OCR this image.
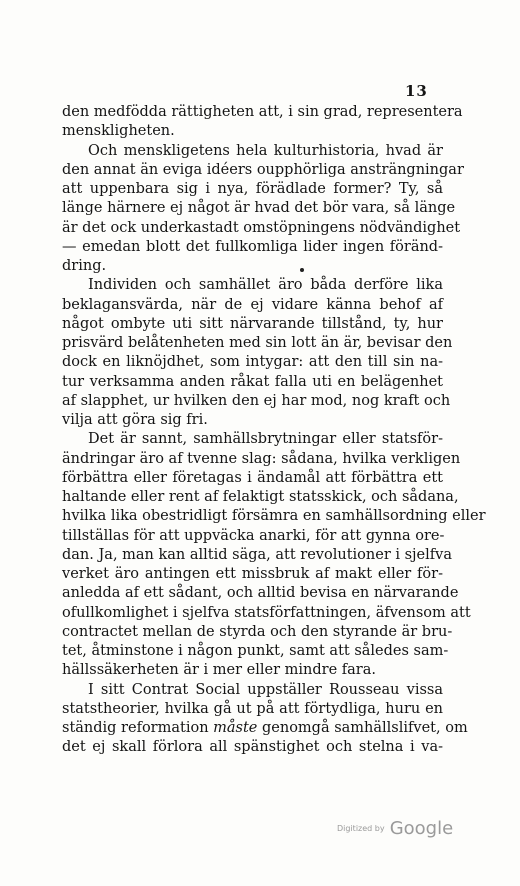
13
den medfödda rättigheten att, i sin grad, representera
menskligheten.
Och menskligetens hela kulturhistoria, hvad är
den annat än eviga idéers oupphörliga ansträngningar
att uppenbara sig i nya, förädlade former? Ty, så
länge härnere ej något är hvad det bör vara, så länge
är det ock underkastadt omstöpningens nödvändighet
— emedan blott det fullkomliga lider ingen föränd-
dring.
Individen och samhället äro båda derföre lika
beklagansvärda, när de ej vidare känna behof af
något ombyte uti sitt närvarande tillstånd, ty, hur
prisvärd belåtenheten med sin lott än är, bevisar den
dock en liknöjdhet, som intygar: att den till sin na-
tur verksamma anden råkat falla uti en belägenhet
af slapphet, ur hvilken den ej har mod, nog kraft och
vilja att göra sig fri.
Det är sannt, samhällsbrytningar eller statsför-
ändringar äro af tvenne slag: sådana, hvilka verkligen
förbättra eller företagas i ändamål att förbättra ett
haltande eller rent af felaktigt statsskick, och sådana,
hvilka lika obestridligt försämra en samhällsordning eller
tillställas för att uppväcka anarki, för att gynna ore-
dan. Ja, man kan alltid säga, att revolutioner i sjelfva
verket äro antingen ett missbruk af makt eller för-
anledda af ett sådant, och alltid bevisa en närvarande
ofullkomlighet i sjelfva statsförfattningen, äfvensom att
contractet mellan de styrda och den styrande är bru-
tet, åtminstone i någon punkt, samt att således sam-
hällssäkerheten är i mer eller mindre fara.
I sitt Contrat Social uppställer Rousseau vissa
statstheorier, hvilka gå ut på att förtydliga, huru en
ständig reformation måste genomgå samhällslifvet, om
det ej skall förlora all spänstighet och stelna i va-
Digitized by Google
